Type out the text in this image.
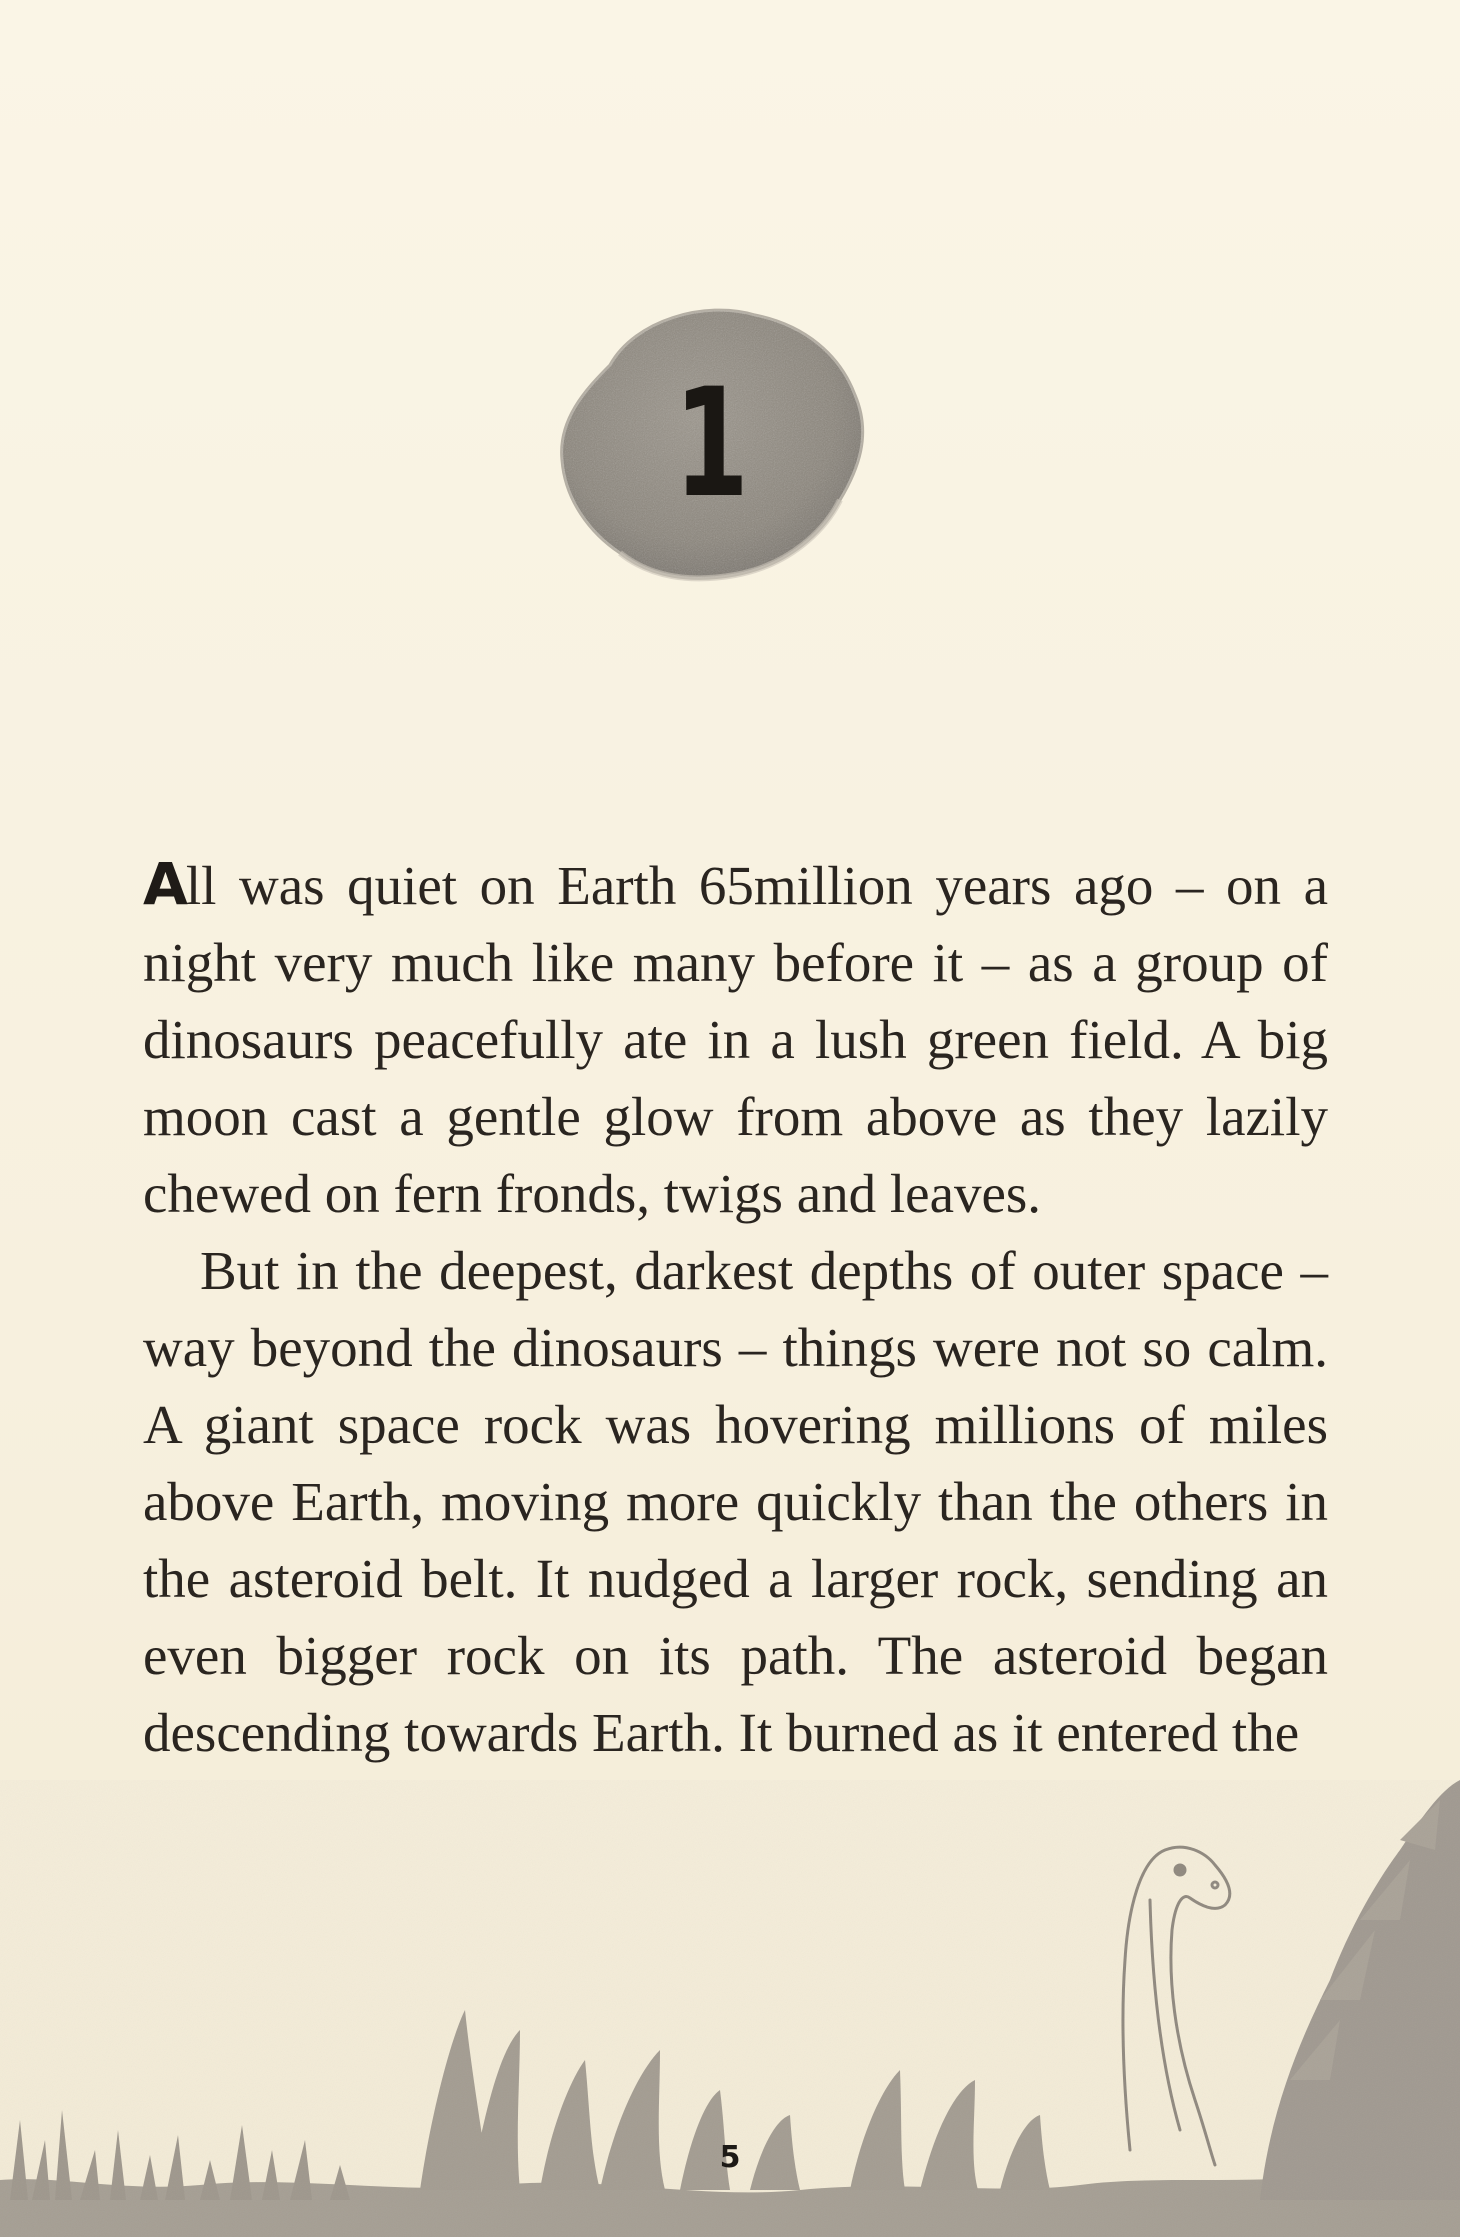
1

All was quiet on Earth 65million years ago – on a night very much like many before it – as a group of dinosaurs peacefully ate in a lush green field. A big moon cast a gentle glow from above as they lazily chewed on fern fronds, twigs and leaves.

But in the deepest, darkest depths of outer space – way beyond the dinosaurs – things were not so calm. A giant space rock was hovering millions of miles above Earth, moving more quickly than the others in the asteroid belt. It nudged a larger rock, sending an even bigger rock on its path. The asteroid began descending towards Earth. It burned as it entered the

5
